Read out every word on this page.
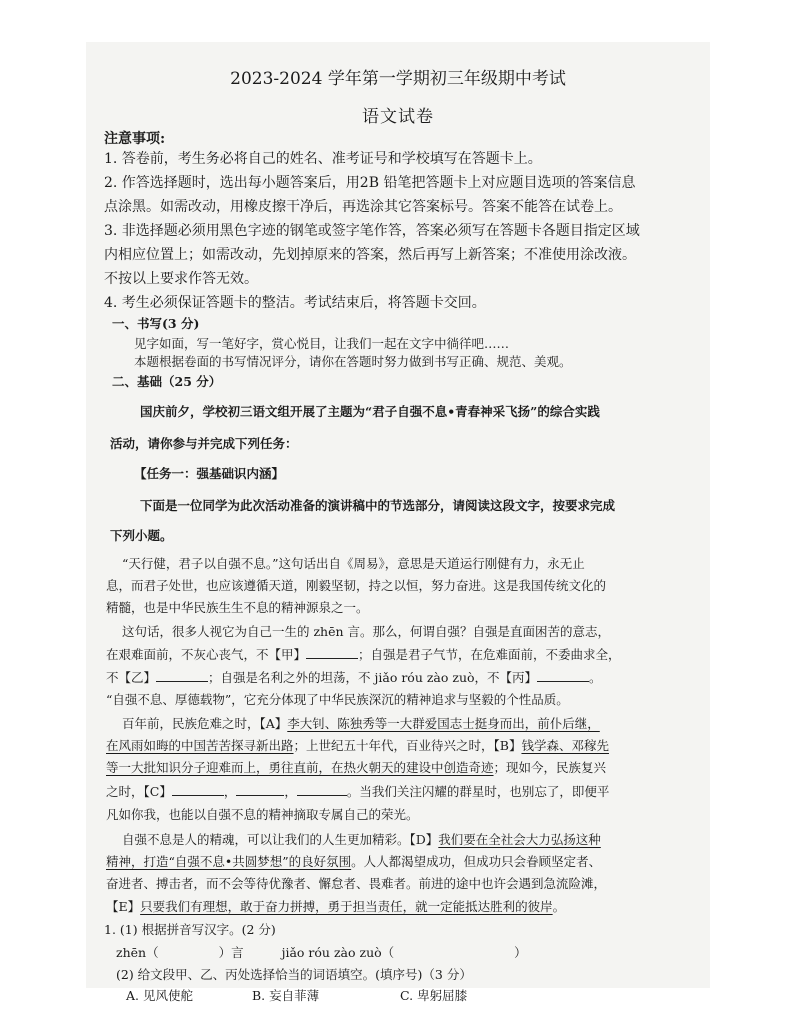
2023-2024 学年第一学期初三年级期中考试
语文试卷
注意事项:
1. 答卷前，考生务必将自己的姓名、准考证号和学校填写在答题卡上。
2. 作答选择题时，选出每小题答案后，用2B 铅笔把答题卡上对应题目选项的答案信息
点涂黑。如需改动，用橡皮擦干净后，再选涂其它答案标号。答案不能答在试卷上。
3. 非选择题必须用黑色字迹的钢笔或签字笔作答，答案必须写在答题卡各题目指定区域
内相应位置上；如需改动，先划掉原来的答案，然后再写上新答案；不准使用涂改液。
不按以上要求作答无效。
4. 考生必须保证答题卡的整洁。考试结束后，将答题卡交回。
一、书写(3 分)
见字如面，写一笔好字，赏心悦目，让我们一起在文字中徜徉吧……
本题根据卷面的书写情况评分，请你在答题时努力做到书写正确、规范、美观。
二、基础（25 分）
国庆前夕，学校初三语文组开展了主题为“君子自强不息•青春神采飞扬”的综合实践
活动，请你参与并完成下列任务：
【任务一：强基础识内涵】
下面是一位同学为此次活动准备的演讲稿中的节选部分，请阅读这段文字，按要求完成
下列小题。
“天行健，君子以自强不息。”这句话出自《周易》，意思是天道运行刚健有力，永无止
息，而君子处世，也应该遵循天道，刚毅坚韧，持之以恒，努力奋进。这是我国传统文化的
精髓，也是中华民族生生不息的精神源泉之一。
这句话，很多人视它为自己一生的 zhēn 言。那么，何谓自强？自强是直面困苦的意志，
在艰难面前，不灰心丧气，不【甲】	；自强是君子气节，在危难面前，不委曲求全，
不【乙】	；自强是名利之外的坦荡，不 jiǎo róu zào zuò，不【丙】	。
“自强不息、厚德载物”，它充分体现了中华民族深沉的精神追求与坚毅的个性品质。
百年前，民族危难之时，【A】李大钊、陈独秀等一大群爱国志士挺身而出，前仆后继，
在风雨如晦的中国苦苦探寻新出路；上世纪五十年代，百业待兴之时，【B】钱学森、邓稼先
等一大批知识分子迎难而上，勇往直前，在热火朝天的建设中创造奇迹；现如今，民族复兴
之时，【C】	，	，	。当我们关注闪耀的群星时，也别忘了，即便平
凡如你我，也能以自强不息的精神摘取专属自己的荣光。
自强不息是人的精魂，可以让我们的人生更加精彩。【D】我们要在全社会大力弘扬这种
精神，打造“自强不息•共圆梦想”的良好氛围。人人都渴望成功，但成功只会眷顾坚定者、
奋进者、搏击者，而不会等待优豫者、懈怠者、畏难者。前进的途中也许会遇到急流险滩，
【E】只要我们有理想，敢于奋力拼搏，勇于担当责任，就一定能抵达胜利的彼岸。
1. (1) 根据拼音写汉字。(2 分)
zhēn（	）言	jiǎo róu zào zuò（	）
(2) 给文段甲、乙、丙处选择恰当的词语填空。(填序号)（3 分）
A. 见风使舵	B. 妄自菲薄	C. 卑躬屈膝
